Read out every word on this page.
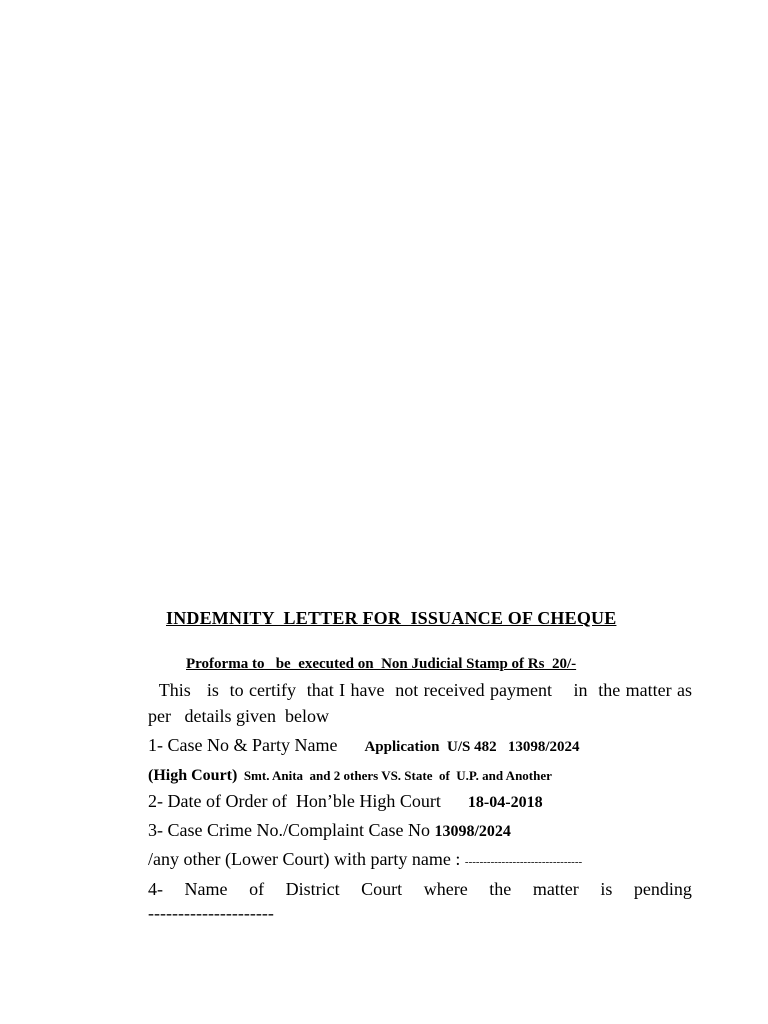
INDEMNITY  LETTER FOR  ISSUANCE OF CHEQUE
Proforma to   be  executed on  Non Judicial Stamp of Rs  20/-
This   is  to certify  that I have  not received payment    in  the matter as per   details given  below
1- Case No & Party Name      Application  U/S 482   13098/2024
(High Court)  Smt. Anita  and 2 others VS. State  of  U.P. and Another
2- Date of Order of  Hon’ble High Court      18-04-2018
3- Case Crime No./Complaint Case No 13098/2024
/any other (Lower Court) with party name : --------------------------------
4- Name of District Court where the matter is pending
---------------------
